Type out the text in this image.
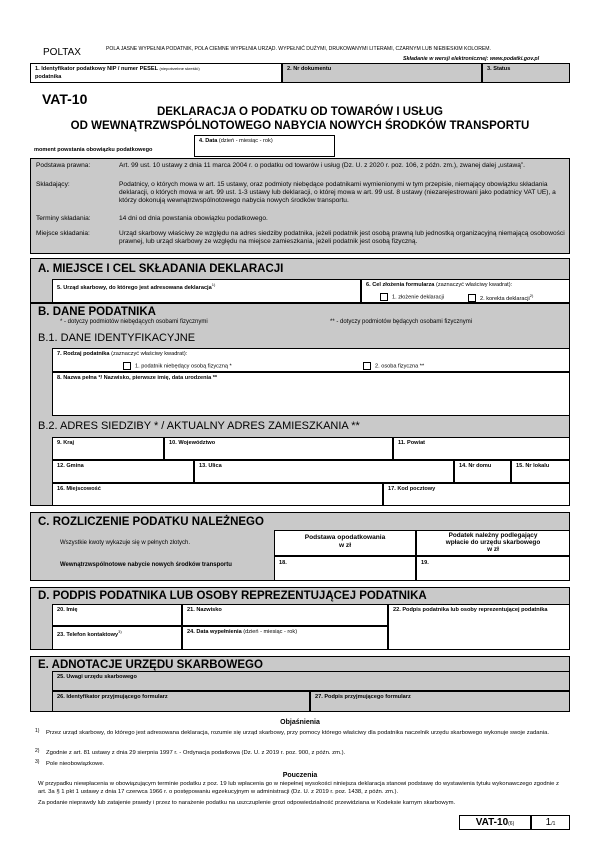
POLTAX	POLA JASNE WYPEŁNIA PODATNIK, POLA CIEMNE WYPEŁNIA URZĄD. WYPEŁNIĆ DUŻYMI, DRUKOWANYMI LITERAMI, CZARNYM LUB NIEBIESKIM KOLOREM.
Składanie w wersji elektronicznej: www.podatki.gov.pl
1. Identyfikator podatkowy NIP / numer PESEL $^{(niepotrzebne skreślić)}$
podatnika
2. Nr dokumentu	3. Status
VAT-10
DEKLARACJA O PODATKU OD TOWARÓW I USŁUG
OD WEWNĄTRZWSPÓLNOTOWEGO NABYCIA NOWYCH ŚRODKÓW TRANSPORTU
4. Data (dzień - miesiąc - rok)
moment powstania obowiązku podatkowego
Podstawa prawna:	Art. 99 ust. 10 ustawy z dnia 11 marca 2004 r. o podatku od towarów i usług (Dz. U. z 2020 r. poz. 106, z późn. zm.), zwanej dalej „ustawą”.
Składający:	Podatnicy, o których mowa w art. 15 ustawy, oraz podmioty niebędące podatnikami wymienionymi w tym przepisie, niemający obowiązku składania deklaracji, o których mowa w art. 99 ust. 1-3 ustawy lub deklaracji, o której mowa w art. 99 ust. 8 ustawy (niezarejestrowani jako podatnicy VAT UE), a którzy dokonują wewnątrzwspólnotowego nabycia nowych środków transportu.
Terminy składania:	14 dni od dnia powstania obowiązku podatkowego.
Miejsce składania:	Urząd skarbowy właściwy ze względu na adres siedziby podatnika, jeżeli podatnik jest osobą prawną lub jednostką organizacyjną niemającą osobowości prawnej, lub urząd skarbowy ze względu na miejsce zamieszkania, jeżeli podatnik jest osobą fizyczną.
A. MIEJSCE I CEL SKŁADANIA DEKLARACJI
5. Urząd skarbowy, do którego jest adresowana deklaracja$^{1)}$	6. Cel złożenia formularza (zaznaczyć właściwy kwadrat):
1. złożenie deklaracji	2. korekta deklaracji$^{2)}$
B. DANE PODATNIKA
* - dotyczy podmiotów niebędących osobami fizycznymi	** - dotyczy podmiotów będących osobami fizycznymi
B.1. DANE IDENTYFIKACYJNE
7. Rodzaj podatnika (zaznaczyć właściwy kwadrat):
1. podatnik niebędący osobą fizyczną *	2. osoba fizyczna **
8. Nazwa pełna */ Nazwisko, pierwsze imię, data urodzenia **
B.2. ADRES SIEDZIBY * / AKTUALNY ADRES ZAMIESZKANIA **
9. Kraj	10. Województwo	11. Powiat
12. Gmina	13. Ulica	14. Nr domu	15. Nr lokalu
16. Miejscowość	17. Kod pocztowy
C. ROZLICZENIE PODATKU NALEŻNEGO
Wszystkie kwoty wykazuje się w pełnych złotych.
Podstawa opodatkowania
w zł
Podatek należny podlegający
wpłacie do urzędu skarbowego
w zł
Wewnątrzwspólnotowe nabycie nowych środków transportu	18.	19.
D. PODPIS PODATNIKA LUB OSOBY REPREZENTUJĄCEJ PODATNIKA
20. Imię	21. Nazwisko	22. Podpis podatnika lub osoby reprezentującej podatnika
23. Telefon kontaktowy$^{3)}$	24. Data wypełnienia (dzień - miesiąc - rok)
E. ADNOTACJE URZĘDU SKARBOWEGO
25. Uwagi urzędu skarbowego
26. Identyfikator przyjmującego formularz	27. Podpis przyjmującego formularz
Objaśnienia
1) Przez urząd skarbowy, do którego jest adresowana deklaracja, rozumie się urząd skarbowy, przy pomocy którego właściwy dla podatnika naczelnik urzędu skarbowego wykonuje swoje zadania.
2) Zgodnie z art. 81 ustawy z dnia 29 sierpnia 1997 r. - Ordynacja podatkowa (Dz. U. z 2019 r. poz. 900, z późn. zm.).
3) Pole nieobowiązkowe.
Pouczenia
W przypadku niewpłacenia w obowiązującym terminie podatku z poz. 19 lub wpłacenia go w niepełnej wysokości niniejsza deklaracja stanowi podstawę do wystawienia tytułu wykonawczego zgodnie z art. 3a § 1 pkt 1 ustawy z dnia 17 czerwca 1966 r. o postępowaniu egzekucyjnym w administracji (Dz. U. z 2019 r. poz. 1438, z późn. zm.).
Za podanie nieprawdy lub zatajenie prawdy i przez to narażenie podatku na uszczuplenie grozi odpowiedzialność przewidziana w Kodeksie karnym skarbowym.
VAT-10(6)	1/1
